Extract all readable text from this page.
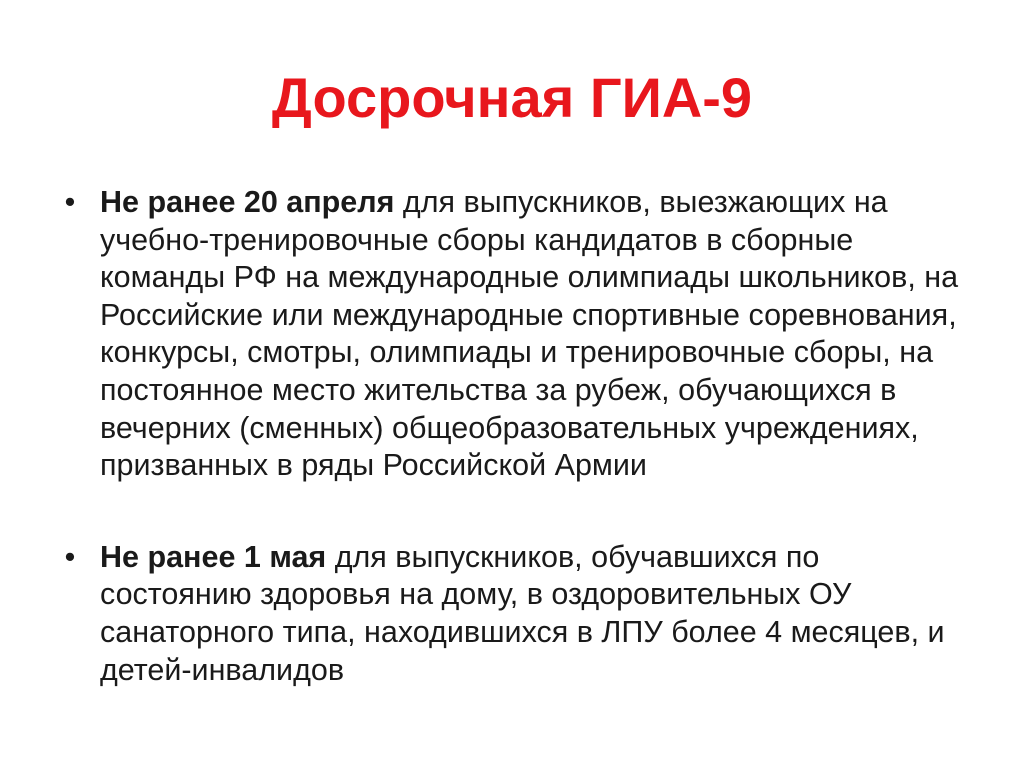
Досрочная ГИА-9
• Не ранее 20 апреля для выпускников, выезжающих на учебно-тренировочные сборы кандидатов в сборные команды РФ на международные олимпиады школьников, на Российские или международные спортивные соревнования, конкурсы, смотры, олимпиады и тренировочные сборы, на постоянное место жительства за рубеж, обучающихся в вечерних (сменных) общеобразовательных учреждениях, призванных в ряды Российской Армии
• Не ранее 1 мая для выпускников, обучавшихся по состоянию здоровья на дому, в оздоровительных ОУ санаторного типа, находившихся в ЛПУ более 4 месяцев, и детей-инвалидов
